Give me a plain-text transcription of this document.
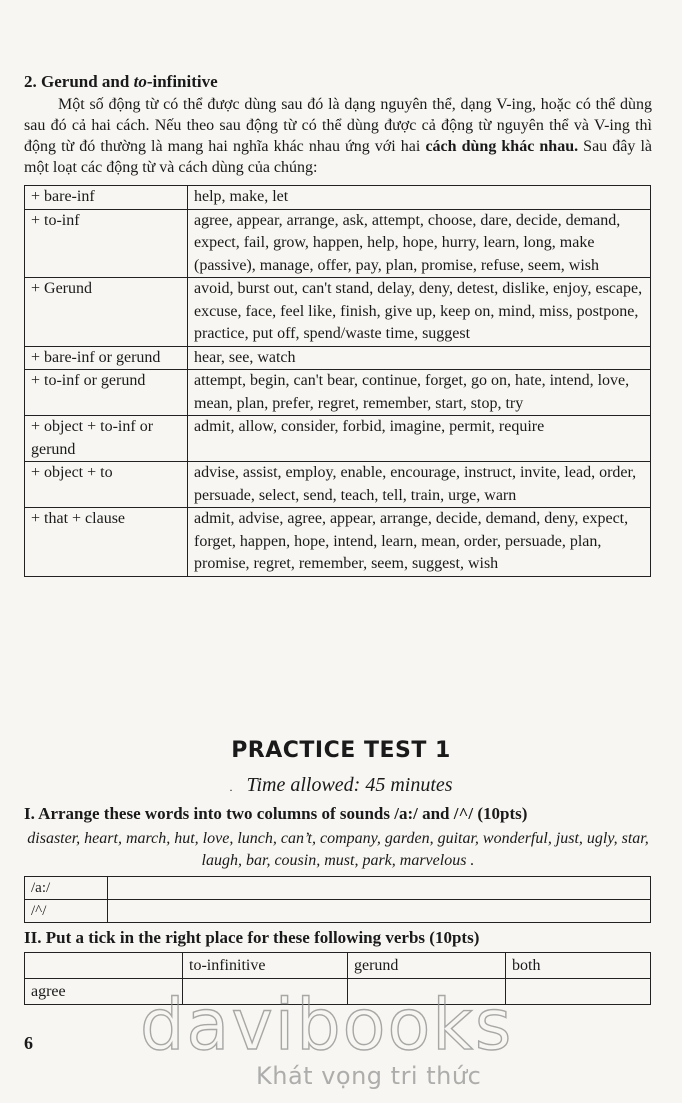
2. Gerund and to-infinitive
Một số động từ có thể được dùng sau đó là dạng nguyên thể, dạng V-ing, hoặc có thể dùng sau đó cả hai cách. Nếu theo sau động từ có thể dùng được cả động từ nguyên thể và V-ing thì động từ đó thường là mang hai nghĩa khác nhau ứng với hai cách dùng khác nhau. Sau đây là một loạt các động từ và cách dùng của chúng:
+ bare-inf	help, make, let
+ to-inf	agree, appear, arrange, ask, attempt, choose, dare, decide, demand, expect, fail, grow, happen, help, hope, hurry, learn, long, make (passive), manage, offer, pay, plan, promise, refuse, seem, wish
+ Gerund	avoid, burst out, can't stand, delay, deny, detest, dislike, enjoy, escape, excuse, face, feel like, finish, give up, keep on, mind, miss, postpone, practice, put off, spend/waste time, suggest
+ bare-inf or gerund	hear, see, watch
+ to-inf or gerund	attempt, begin, can't bear, continue, forget, go on, hate, intend, love, mean, plan, prefer, regret, remember, start, stop, try
+ object + to-inf or gerund	admit, allow, consider, forbid, imagine, permit, require
+ object + to	advise, assist, employ, enable, encourage, instruct, invite, lead, order, persuade, select, send, teach, tell, train, urge, warn
+ that + clause	admit, advise, agree, appear, arrange, decide, demand, deny, expect, forget, happen, hope, intend, learn, mean, order, persuade, plan, promise, regret, remember, seem, suggest, wish
PRACTICE TEST 1
. Time allowed: 45 minutes
I. Arrange these words into two columns of sounds /a:/ and /^/ (10pts)
disaster, heart, march, hut, love, lunch, can’t, company, garden, guitar, wonderful, just, ugly, star, laugh, bar, cousin, must, park, marvelous .
/a:/	
/^/	
II. Put a tick in the right place for these following verbs (10pts)
	to-infinitive	gerund	both
agree			
6 davibooks
Khát vọng tri thức
